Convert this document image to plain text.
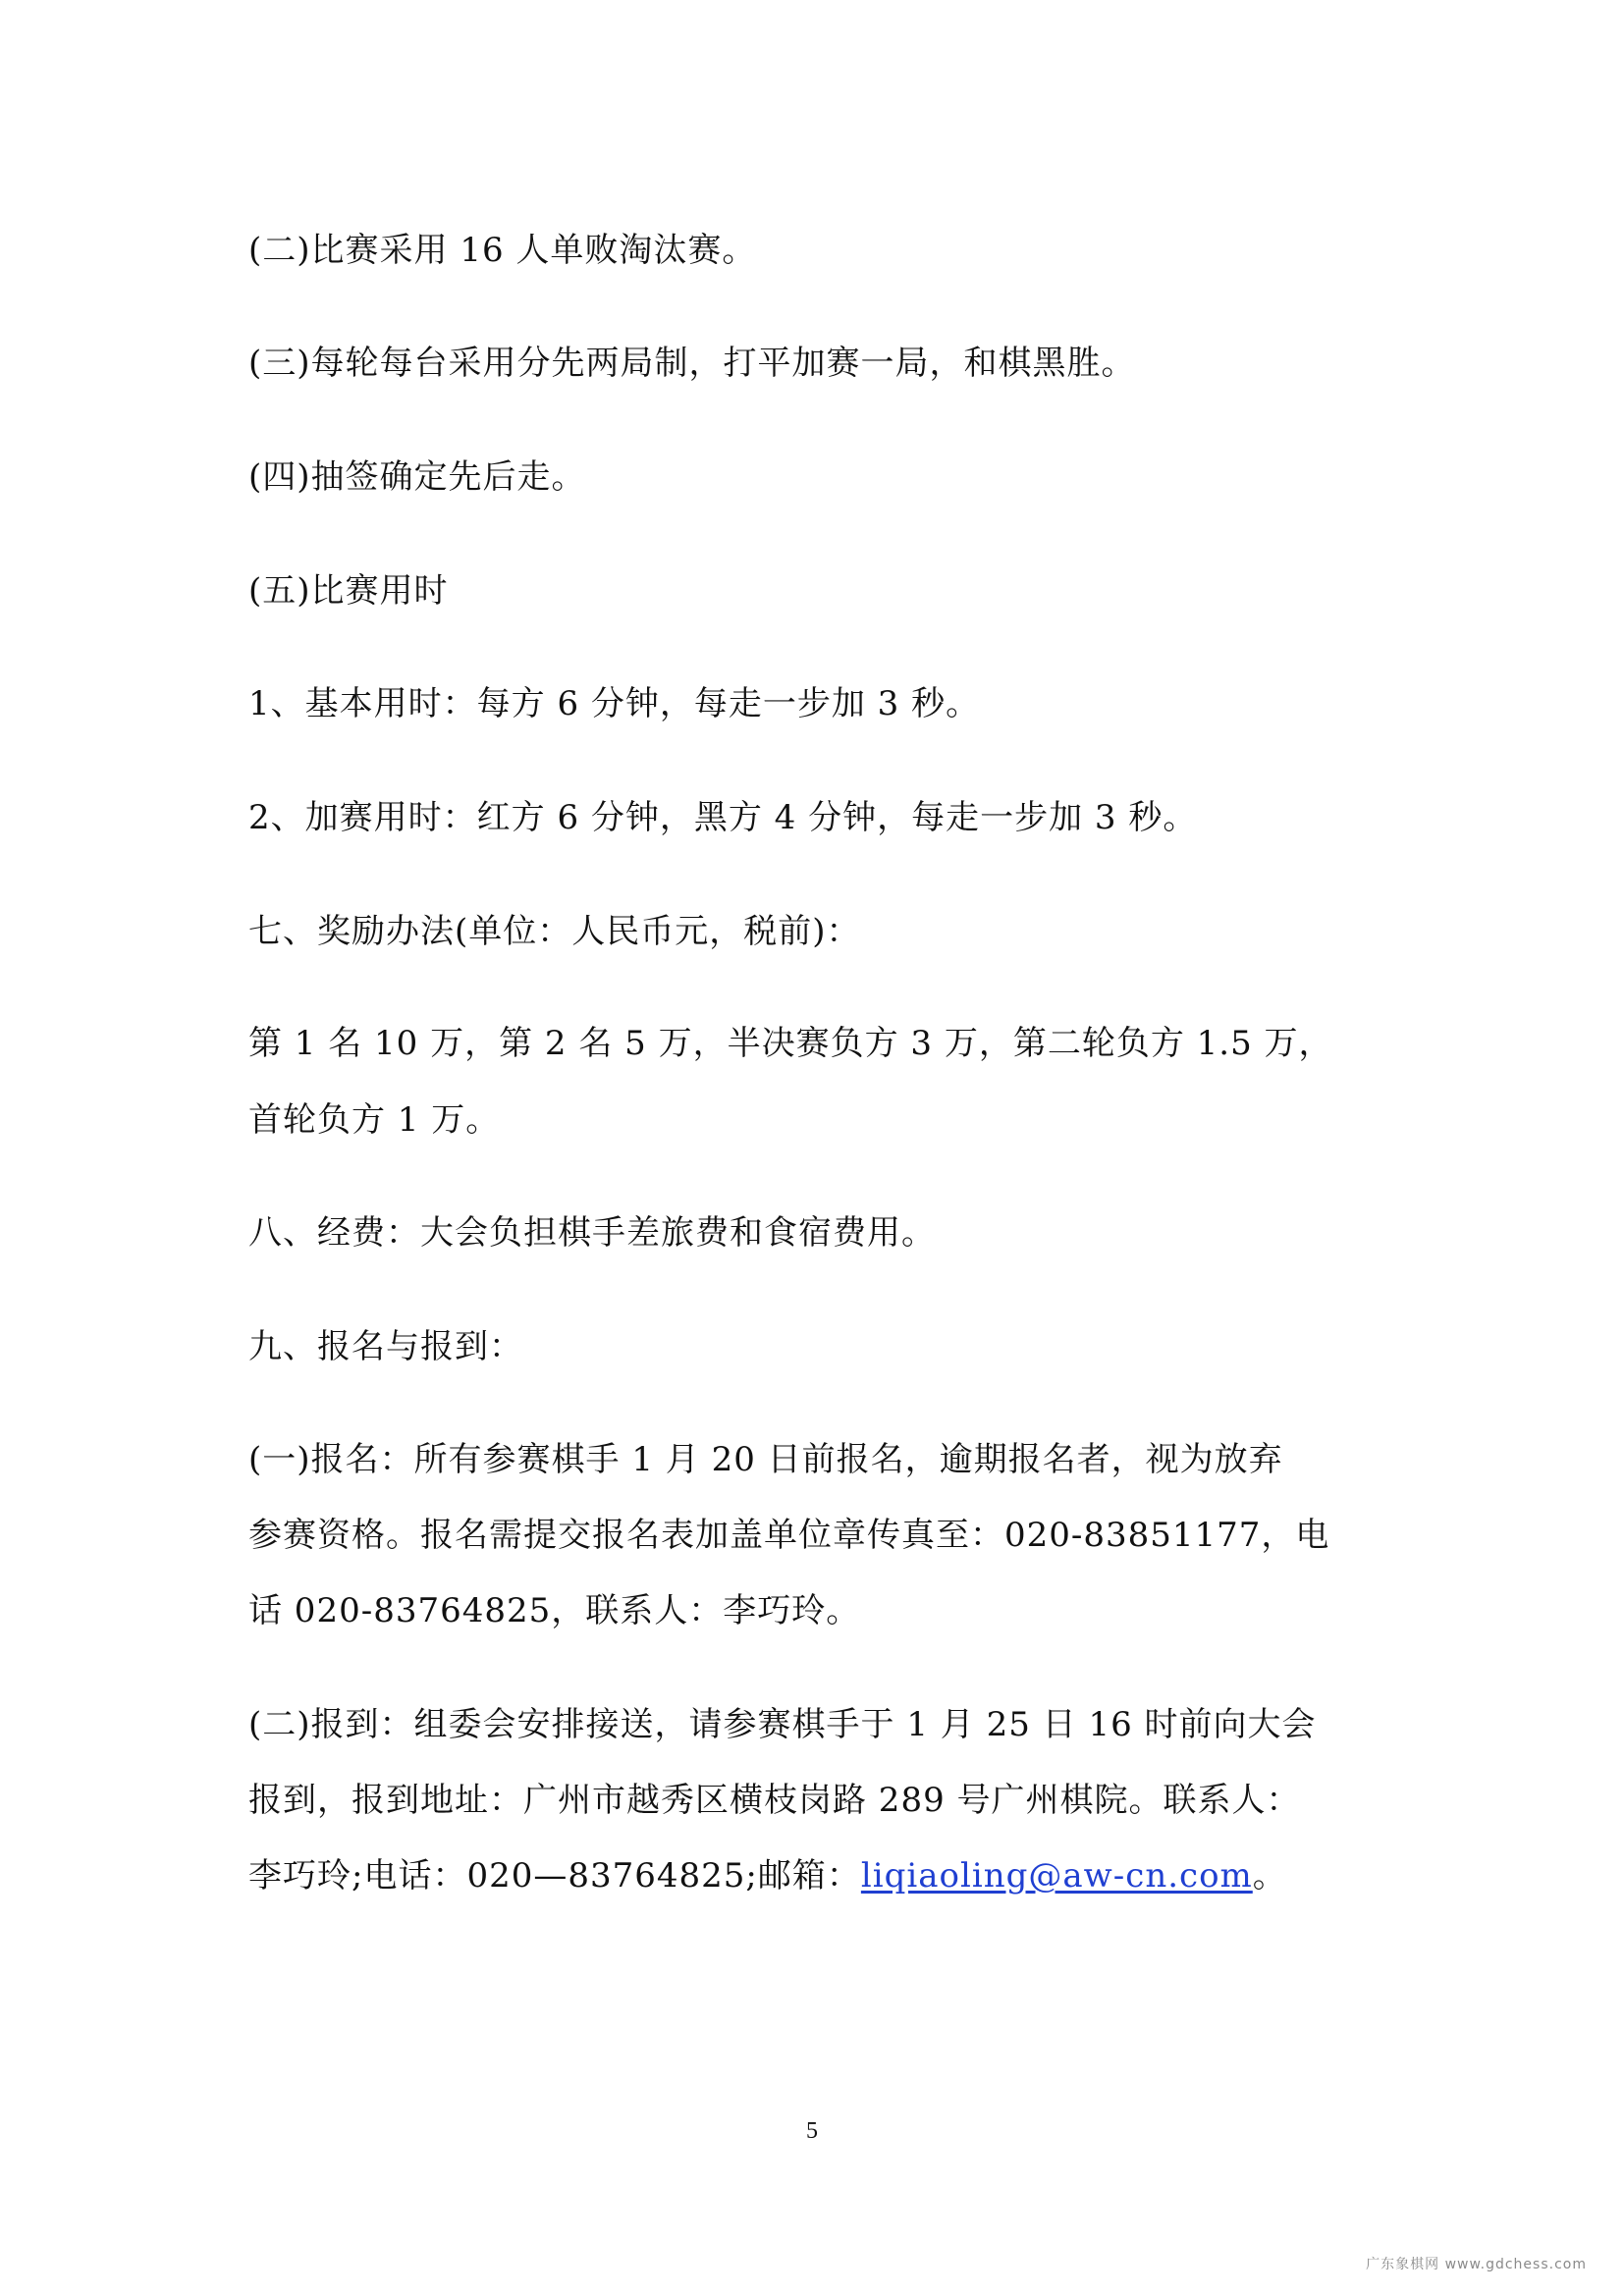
(二)比赛采用 16 人单败淘汰赛。
(三)每轮每台采用分先两局制，打平加赛一局，和棋黑胜。
(四)抽签确定先后走。
(五)比赛用时
1、基本用时：每方 6 分钟，每走一步加 3 秒。
2、加赛用时：红方 6 分钟，黑方 4 分钟，每走一步加 3 秒。
七、奖励办法(单位：人民币元，税前)：
第 1 名 10 万，第 2 名 5 万，半决赛负方 3 万，第二轮负方 1.5 万，
首轮负方 1 万。
八、经费：大会负担棋手差旅费和食宿费用。
九、报名与报到：
(一)报名：所有参赛棋手 1 月 20 日前报名，逾期报名者，视为放弃
参赛资格。报名需提交报名表加盖单位章传真至：020-83851177，电
话 020-83764825，联系人：李巧玲。
(二)报到：组委会安排接送，请参赛棋手于 1 月 25 日 16 时前向大会
报到，报到地址：广州市越秀区横枝岗路 289 号广州棋院。联系人：
李巧玲;电话：020—83764825;邮箱：liqiaoling@aw-cn.com。
5
广东象棋网 www.gdchess.com
